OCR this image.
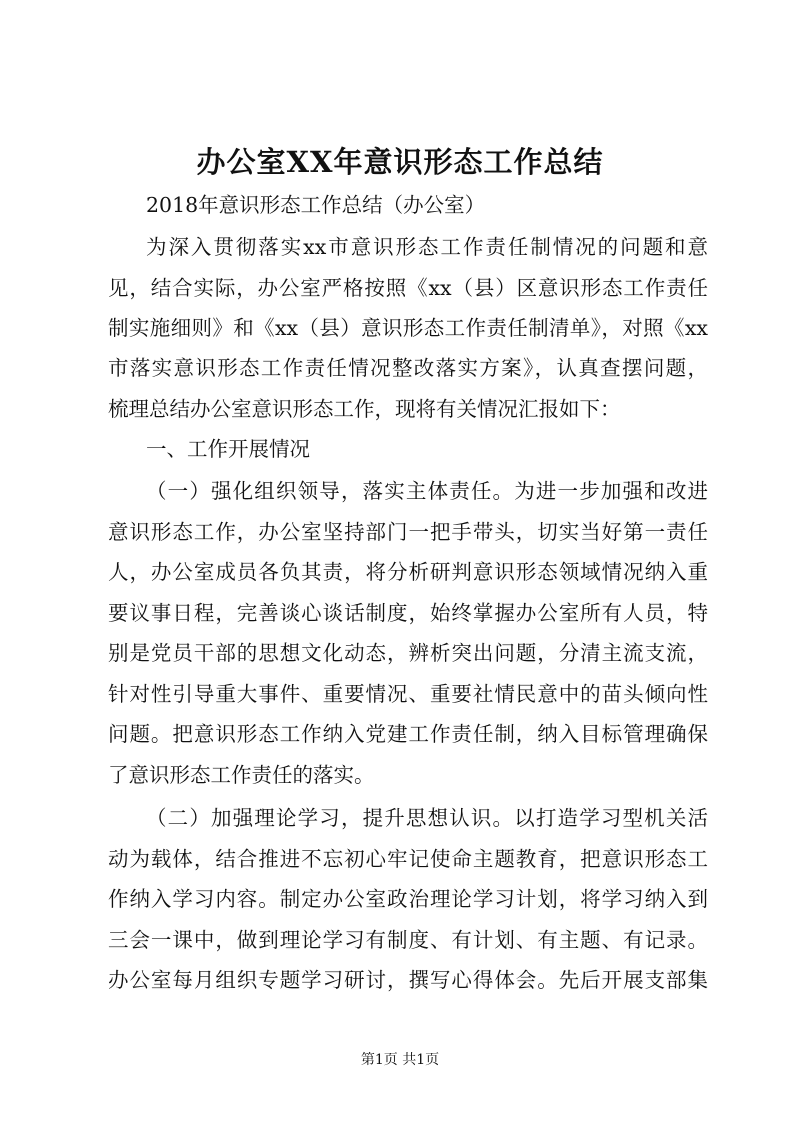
办公室XX年意识形态工作总结
2018年意识形态工作总结（办公室）
为深入贯彻落实xx市意识形态工作责任制情况的问题和意
见，结合实际，办公室严格按照《xx（县）区意识形态工作责任
制实施细则》和《xx（县）意识形态工作责任制清单》，对照《xx
市落实意识形态工作责任情况整改落实方案》，认真查摆问题，
梳理总结办公室意识形态工作，现将有关情况汇报如下：
一、工作开展情况
（一）强化组织领导，落实主体责任。为进一步加强和改进
意识形态工作，办公室坚持部门一把手带头，切实当好第一责任
人，办公室成员各负其责，将分析研判意识形态领域情况纳入重
要议事日程，完善谈心谈话制度，始终掌握办公室所有人员，特
别是党员干部的思想文化动态，辨析突出问题，分清主流支流，
针对性引导重大事件、重要情况、重要社情民意中的苗头倾向性
问题。把意识形态工作纳入党建工作责任制，纳入目标管理确保
了意识形态工作责任的落实。
（二）加强理论学习，提升思想认识。以打造学习型机关活
动为载体，结合推进不忘初心牢记使命主题教育，把意识形态工
作纳入学习内容。制定办公室政治理论学习计划，将学习纳入到
三会一课中，做到理论学习有制度、有计划、有主题、有记录。
办公室每月组织专题学习研讨，撰写心得体会。先后开展支部集
第1页 共1页
